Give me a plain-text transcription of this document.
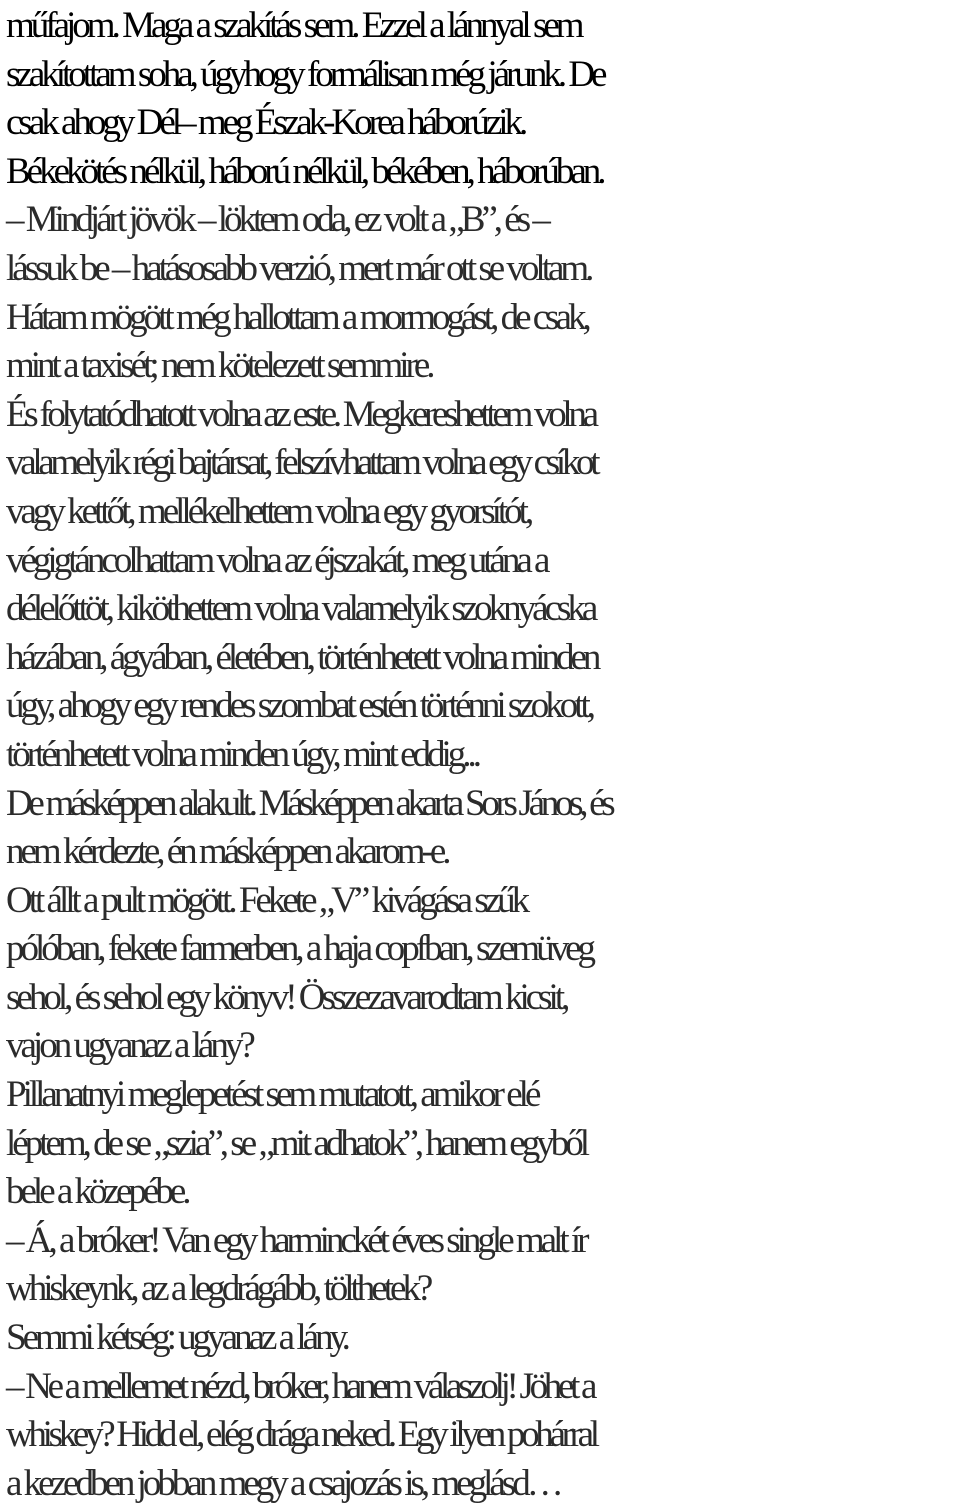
műfajom. Maga a szakítás sem. Ezzel a lánnyal sem
szakítottam soha, úgyhogy formálisan még járunk. De
csak ahogy Dél– meg Észak-Korea háborúzik.
Békekötés nélkül, háború nélkül, békében, háborúban.
– Mindjárt jövök – löktem oda, ez volt a „B”, és –
lássuk be – hatásosabb verzió, mert már ott se voltam.
Hátam mögött még hallottam a mormogást, de csak,
mint a taxisét; nem kötelezett semmire.
És folytatódhatott volna az este. Megkereshettem volna
valamelyik régi bajtársat, felszívhattam volna egy csíkot
vagy kettőt, mellékelhettem volna egy gyorsítót,
végigtáncolhattam volna az éjszakát, meg utána a
délelőttöt, kiköthettem volna valamelyik szoknyácska
házában, ágyában, életében, történhetett volna minden
úgy, ahogy egy rendes szombat estén történni szokott,
történhetett volna minden úgy, mint eddig...
De másképpen alakult. Másképpen akarta Sors János, és
nem kérdezte, én másképpen akarom-e.
Ott állt a pult mögött. Fekete „V” kivágása szűk
pólóban, fekete farmerben, a haja copfban, szemüveg
sehol, és sehol egy könyv! Összezavarodtam kicsit,
vajon ugyanaz a lány?
Pillanatnyi meglepetést sem mutatott, amikor elé
léptem, de se „szia”, se „mit adhatok”, hanem egyből
bele a közepébe.
– Á, a bróker! Van egy harminckét éves single malt ír
whiskeynk, az a legdrágább, tölthetek?
Semmi kétség: ugyanaz a lány.
– Ne a mellemet nézd, bróker, hanem válaszolj! Jöhet a
whiskey? Hidd el, elég drága neked. Egy ilyen pohárral
a kezedben jobban megy a csajozás is, meglásd…
